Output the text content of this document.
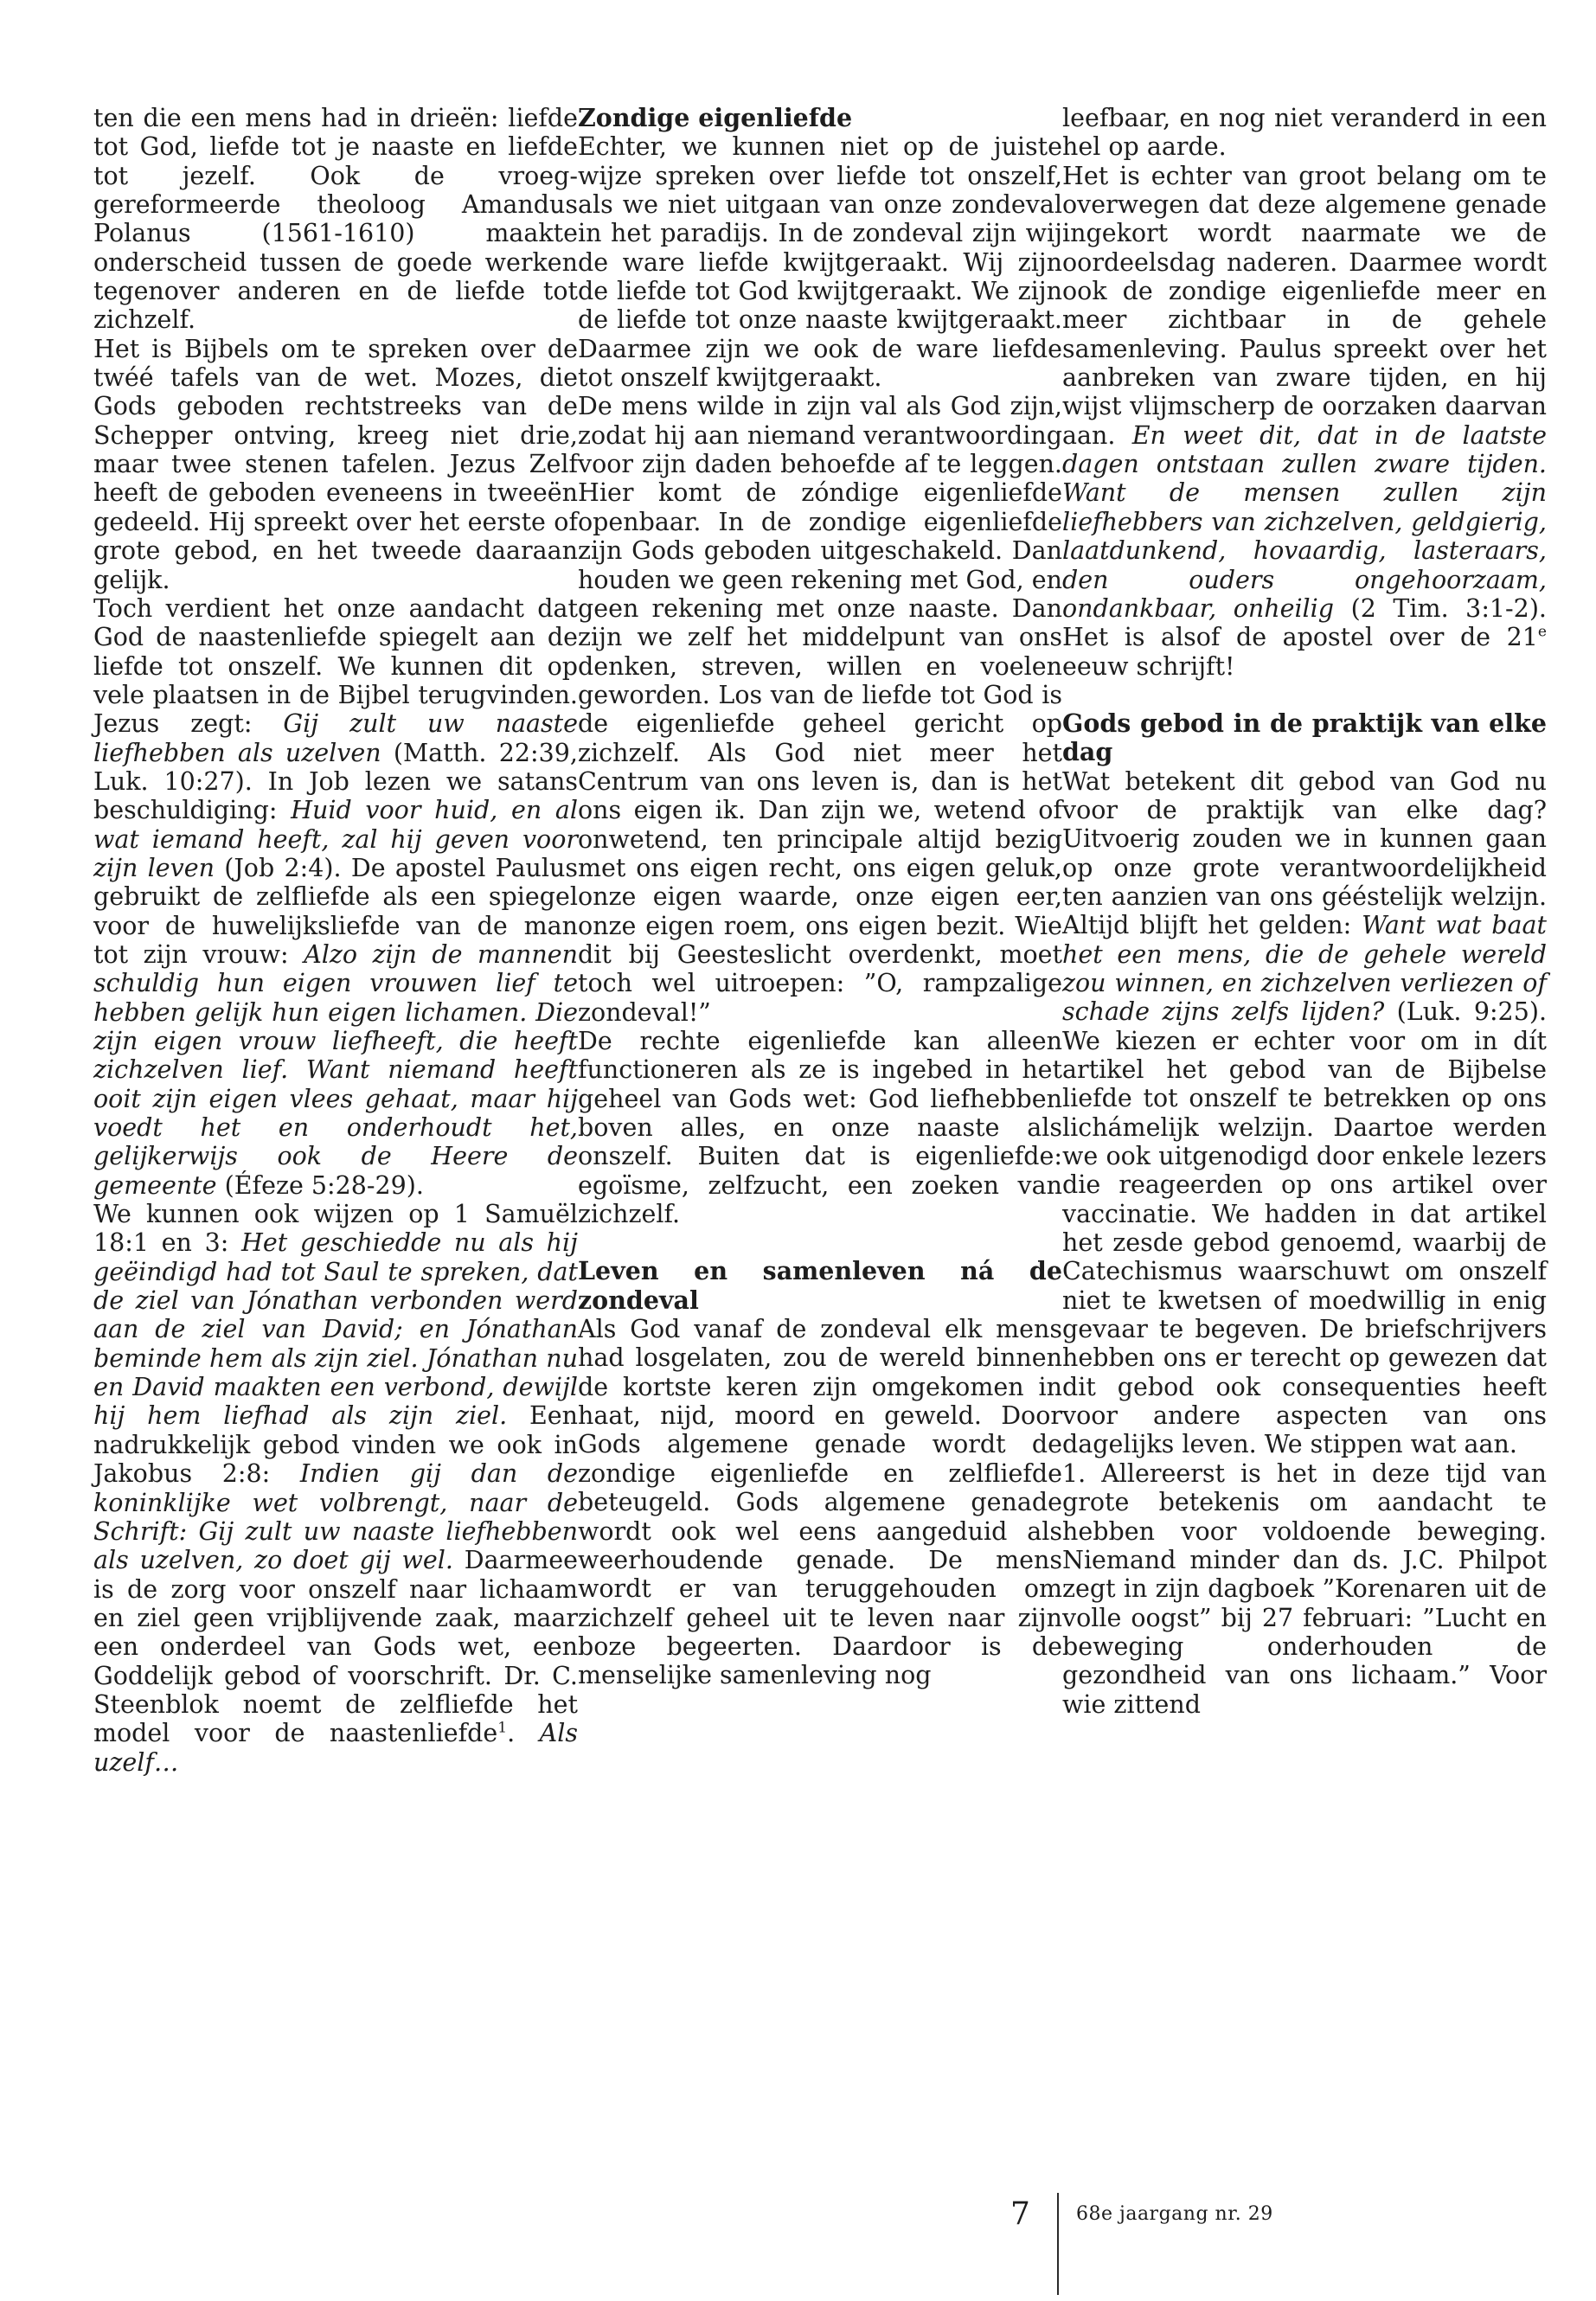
ten die een mens had in drieën: liefde tot God, liefde tot je naaste en liefde tot jezelf. Ook de vroeg-gereformeerde theoloog Amandus Polanus (1561-1610) maakte onderscheid tussen de goede werken tegenover anderen en de liefde tot zichzelf.

Het is Bijbels om te spreken over de twéé tafels van de wet. Mozes, die Gods geboden rechtstreeks van de Schepper ontving, kreeg niet drie, maar twee stenen tafelen. Jezus Zelf heeft de geboden eveneens in tweeën gedeeld. Hij spreekt over het eerste of grote gebod, en het tweede daaraan gelijk.

Toch verdient het onze aandacht dat God de naastenliefde spiegelt aan de liefde tot onszelf. We kunnen dit op vele plaatsen in de Bijbel terugvinden. Jezus zegt: Gij zult uw naaste liefhebben als uzelven (Matth. 22:39, Luk. 10:27). In Job lezen we satans beschuldiging: Huid voor huid, en al wat iemand heeft, zal hij geven voor zijn leven (Job 2:4). De apostel Paulus gebruikt de zelfliefde als een spiegel voor de huwelijksliefde van de man tot zijn vrouw: Alzo zijn de mannen schuldig hun eigen vrouwen lief te hebben gelijk hun eigen lichamen. Die zijn eigen vrouw liefheeft, die heeft zichzelven lief. Want niemand heeft ooit zijn eigen vlees gehaat, maar hij voedt het en onderhoudt het, gelijkerwijs ook de Heere de gemeente (Éfeze 5:28-29).

We kunnen ook wijzen op 1 Samuël 18:1 en 3: Het geschiedde nu als hij geëindigd had tot Saul te spreken, dat de ziel van Jónathan verbonden werd aan de ziel van David; en Jónathan beminde hem als zijn ziel. Jónathan nu en David maakten een verbond, dewijl hij hem liefhad als zijn ziel. Een nadrukkelijk gebod vinden we ook in Jakobus 2:8: Indien gij dan de koninklijke wet volbrengt, naar de Schrift: Gij zult uw naaste liefhebben als uzelven, zo doet gij wel. Daarmee is de zorg voor onszelf naar lichaam en ziel geen vrijblijvende zaak, maar een onderdeel van Gods wet, een Goddelijk gebod of voorschrift. Dr. C. Steenblok noemt de zelfliefde het model voor de naastenliefde$^1$. Als uzelf…

Zondige eigenliefde

Echter, we kunnen niet op de juiste wijze spreken over liefde tot onszelf, als we niet uitgaan van onze zondeval in het paradijs. In de zondeval zijn wij de ware liefde kwijtgeraakt. Wij zijn de liefde tot God kwijtgeraakt. We zijn de liefde tot onze naaste kwijtgeraakt. Daarmee zijn we ook de ware liefde tot onszelf kwijtgeraakt.

De mens wilde in zijn val als God zijn, zodat hij aan niemand verantwoording voor zijn daden behoefde af te leggen. Hier komt de zóndige eigenliefde openbaar. In de zondige eigenliefde zijn Gods geboden uitgeschakeld. Dan houden we geen rekening met God, en geen rekening met onze naaste. Dan zijn we zelf het middelpunt van ons denken, streven, willen en voelen geworden. Los van de liefde tot God is de eigenliefde geheel gericht op zichzelf. Als God niet meer het Centrum van ons leven is, dan is het ons eigen ik. Dan zijn we, wetend of onwetend, ten principale altijd bezig met ons eigen recht, ons eigen geluk, onze eigen waarde, onze eigen eer, onze eigen roem, ons eigen bezit. Wie dit bij Geestesliсht overdenkt, moet toch wel uitroepen: ”O, rampzalige zondeval!”

De rechte eigenliefde kan alleen functioneren als ze is ingebed in het geheel van Gods wet: God liefhebben boven alles, en onze naaste als onszelf. Buiten dat is eigenliefde: egoïsme, zelfzucht, een zoeken van zichzelf.

Leven en samenleven ná de zondeval

Als God vanaf de zondeval elk mens had losgelaten, zou de wereld binnen de kortste keren zijn omgekomen in haat, nijd, moord en geweld. Door Gods algemene genade wordt de zondige eigenliefde en zelfliefde beteugeld. Gods algemene genade wordt ook wel eens aangeduid als weerhoudende genade. De mens wordt er van teruggehouden om zichzelf geheel uit te leven naar zijn boze begeerten. Daardoor is de menselijke samenleving nog

leefbaar, en nog niet veranderd in een hel op aarde.

Het is echter van groot belang om te overwegen dat deze algemene genade ingekort wordt naarmate we de oordeelsdag naderen. Daarmee wordt ook de zondige eigenliefde meer en meer zichtbaar in de gehele samenleving. Paulus spreekt over het aanbreken van zware tijden, en hij wijst vlijmscherp de oorzaken daarvan aan. En weet dit, dat in de laatste dagen ontstaan zullen zware tijden. Want de mensen zullen zijn liefhebbers van zichzelven, geldgierig, laatdunkend, hovaardig, lasteraars, den ouders ongehoorzaam, ondankbaar, onheilig (2 Tim. 3:1-2). Het is alsof de apostel over de 21e eeuw schrijft!

Gods gebod in de praktijk van elke dag

Wat betekent dit gebod van God nu voor de praktijk van elke dag? Uitvoerig zouden we in kunnen gaan op onze grote verantwoordelijkheid ten aanzien van ons gééstelijk welzijn. Altijd blijft het gelden: Want wat baat het een mens, die de gehele wereld zou winnen, en zichzelven verliezen of schade zijns zelfs lijden? (Luk. 9:25). We kiezen er echter voor om in dít artikel het gebod van de Bijbelse liefde tot onszelf te betrekken op ons lichámelijk welzijn. Daartoe werden we ook uitgenodigd door enkele lezers die reageerden op ons artikel over vaccinatie. We hadden in dat artikel het zesde gebod genoemd, waarbij de Catechismus waarschuwt om onszelf niet te kwetsen of moedwillig in enig gevaar te begeven. De briefschrijvers hebben ons er terecht op gewezen dat dit gebod ook consequenties heeft voor andere aspecten van ons dagelijks leven. We stippen wat aan.

1. Allereerst is het in deze tijd van grote betekenis om aandacht te hebben voor voldoende beweging. Niemand minder dan ds. J.C. Philpot zegt in zijn dagboek ”Korenaren uit de volle oogst” bij 27 februari: ”Lucht en beweging onderhouden de gezondheid van ons lichaam.” Voor wie zittend

7 68e jaargang nr. 29
